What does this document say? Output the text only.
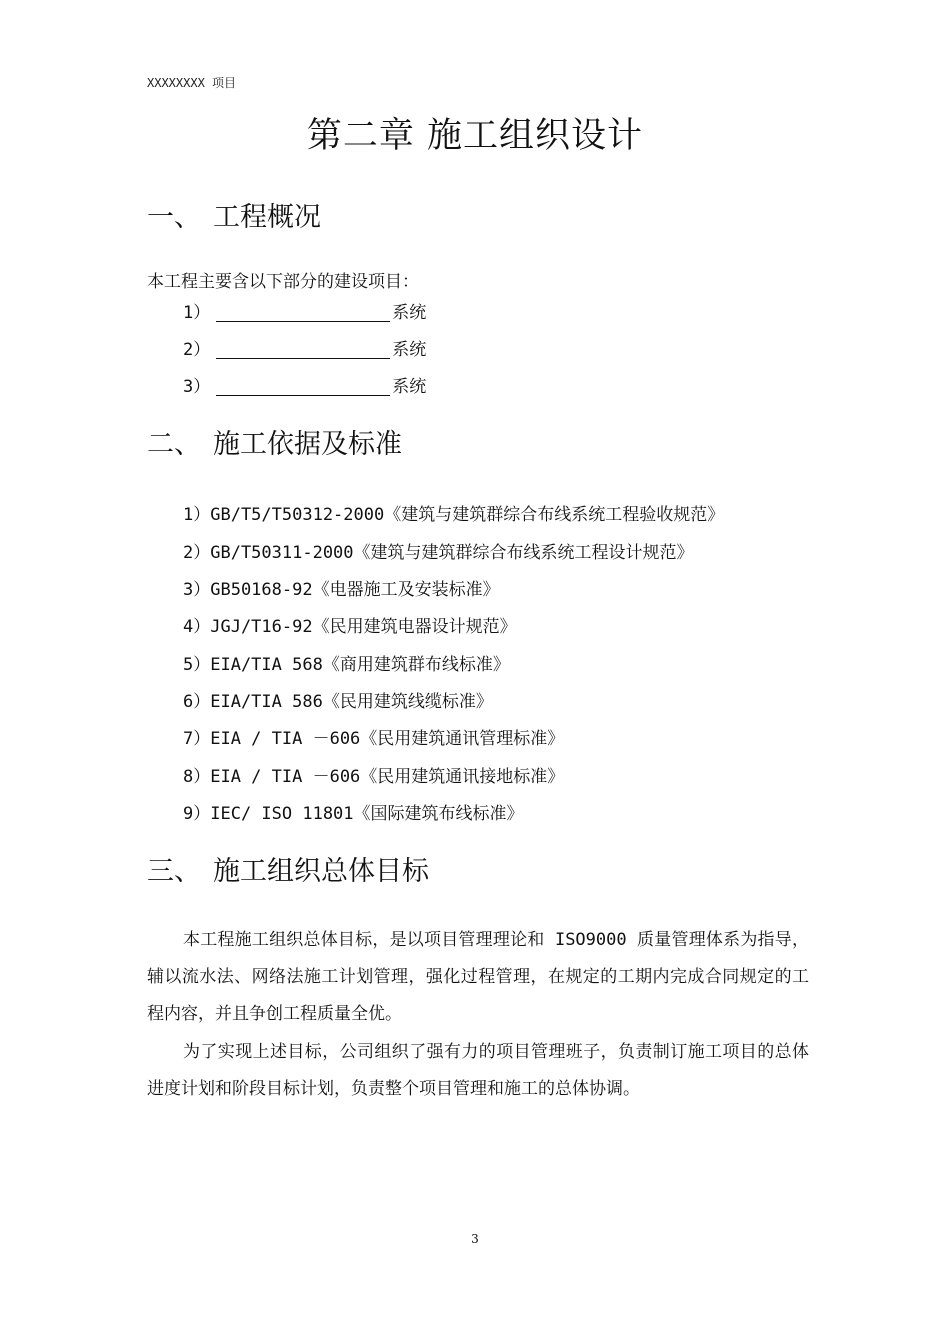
XXXXXXXX 项目
第二章 施工组织设计
一、 工程概况
本工程主要含以下部分的建设项目：
1）	系统
2）	系统
3）	系统
二、 施工依据及标准
1）GB/T5/T50312-2000《建筑与建筑群综合布线系统工程验收规范》
2）GB/T50311-2000《建筑与建筑群综合布线系统工程设计规范》
3）GB50168-92《电器施工及安装标准》
4）JGJ/T16-92《民用建筑电器设计规范》
5）EIA/TIA 568《商用建筑群布线标准》
6）EIA/TIA 586《民用建筑线缆标准》
7）EIA / TIA －606《民用建筑通讯管理标准》
8）EIA / TIA －606《民用建筑通讯接地标准》
9）IEC/ ISO 11801《国际建筑布线标准》
三、 施工组织总体目标
本工程施工组织总体目标，是以项目管理理论和 ISO9000 质量管理体系为指导，辅以流水法、网络法施工计划管理，强化过程管理，在规定的工期内完成合同规定的工程内容，并且争创工程质量全优。
为了实现上述目标，公司组织了强有力的项目管理班子，负责制订施工项目的总体进度计划和阶段目标计划，负责整个项目管理和施工的总体协调。
3
